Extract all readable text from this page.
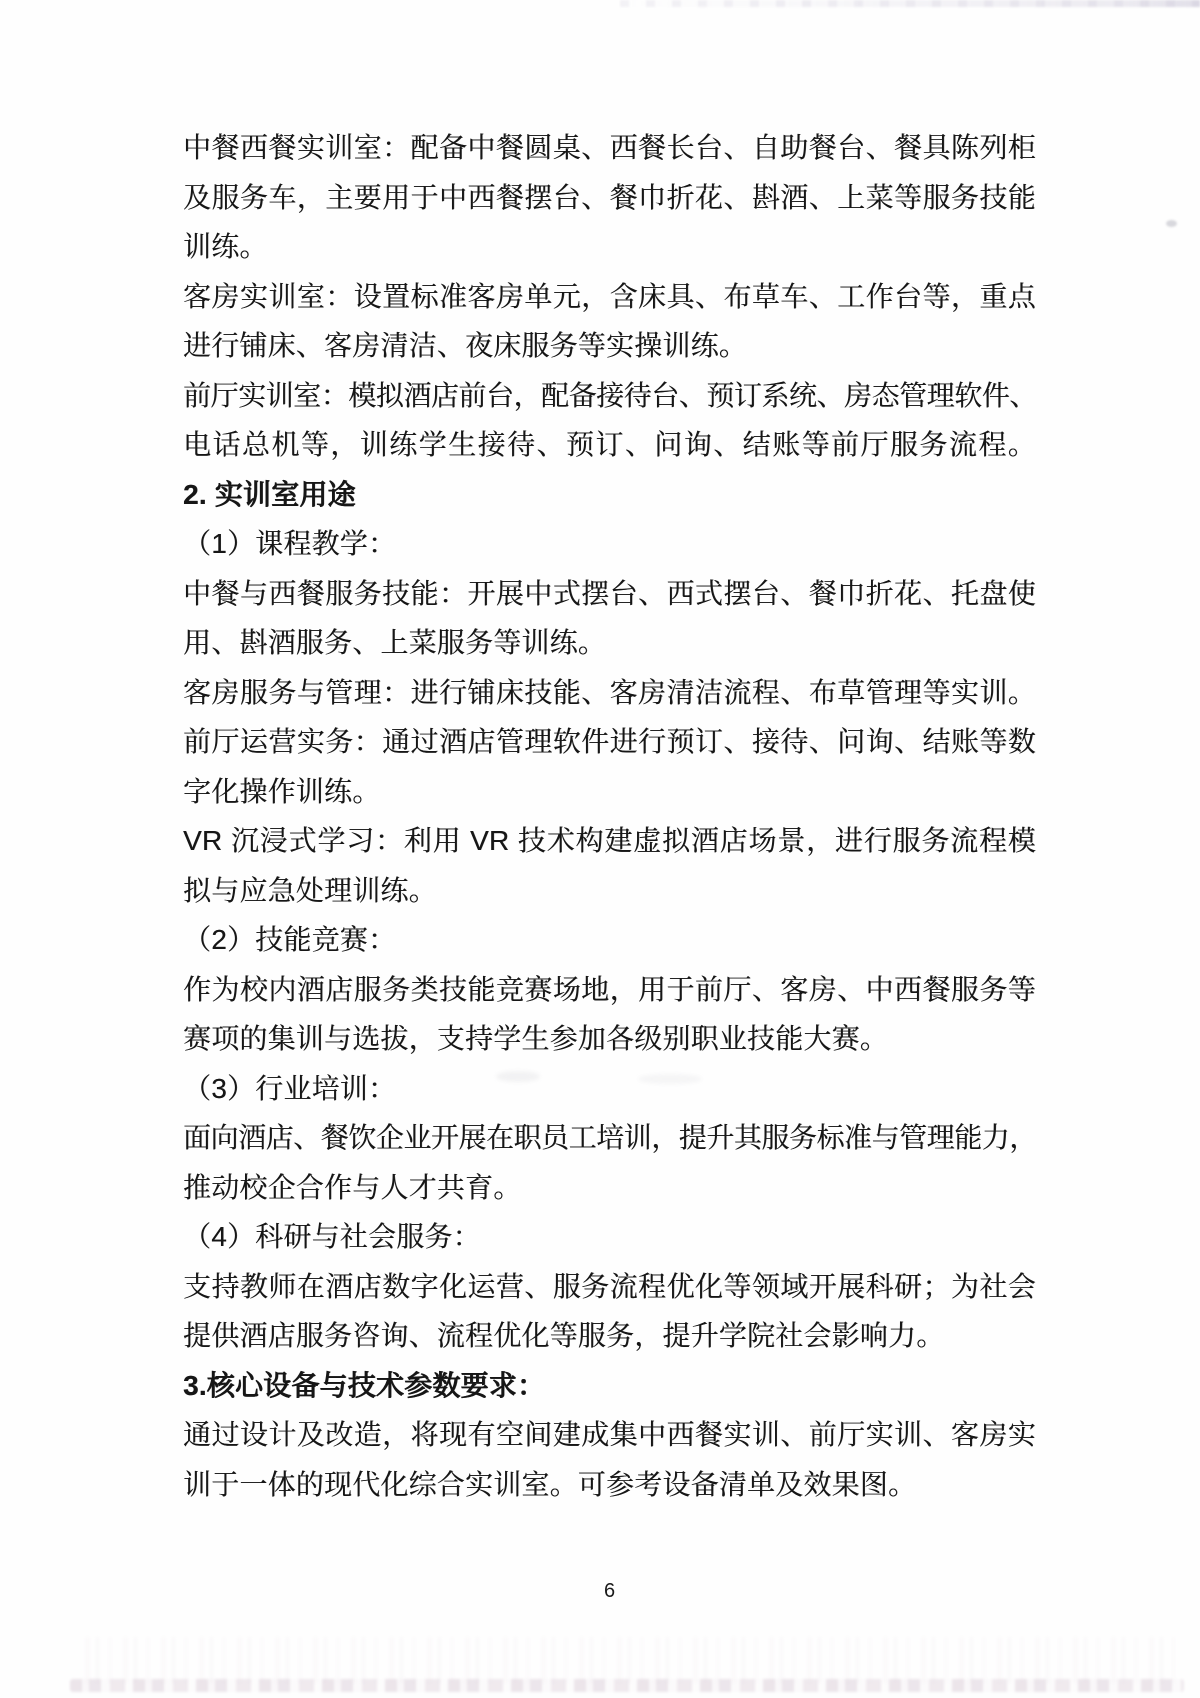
中餐西餐实训室：配备中餐圆桌、西餐长台、自助餐台、餐具陈列柜
及服务车，主要用于中西餐摆台、餐巾折花、斟酒、上菜等服务技能
训练。
客房实训室：设置标准客房单元，含床具、布草车、工作台等，重点
进行铺床、客房清洁、夜床服务等实操训练。
前厅实训室：模拟酒店前台，配备接待台、预订系统、房态管理软件、
电话总机等，训练学生接待、预订、问询、结账等前厅服务流程。
2. 实训室用途
（1）课程教学：
中餐与西餐服务技能：开展中式摆台、西式摆台、餐巾折花、托盘使
用、斟酒服务、上菜服务等训练。
客房服务与管理：进行铺床技能、客房清洁流程、布草管理等实训。
前厅运营实务：通过酒店管理软件进行预订、接待、问询、结账等数
字化操作训练。
VR 沉浸式学习：利用 VR 技术构建虚拟酒店场景，进行服务流程模
拟与应急处理训练。
（2）技能竞赛：
作为校内酒店服务类技能竞赛场地，用于前厅、客房、中西餐服务等
赛项的集训与选拔，支持学生参加各级别职业技能大赛。
（3）行业培训：
面向酒店、餐饮企业开展在职员工培训，提升其服务标准与管理能力，
推动校企合作与人才共育。
（4）科研与社会服务：
支持教师在酒店数字化运营、服务流程优化等领域开展科研；为社会
提供酒店服务咨询、流程优化等服务，提升学院社会影响力。
3.核心设备与技术参数要求：
通过设计及改造，将现有空间建成集中西餐实训、前厅实训、客房实
训于一体的现代化综合实训室。可参考设备清单及效果图。
6
